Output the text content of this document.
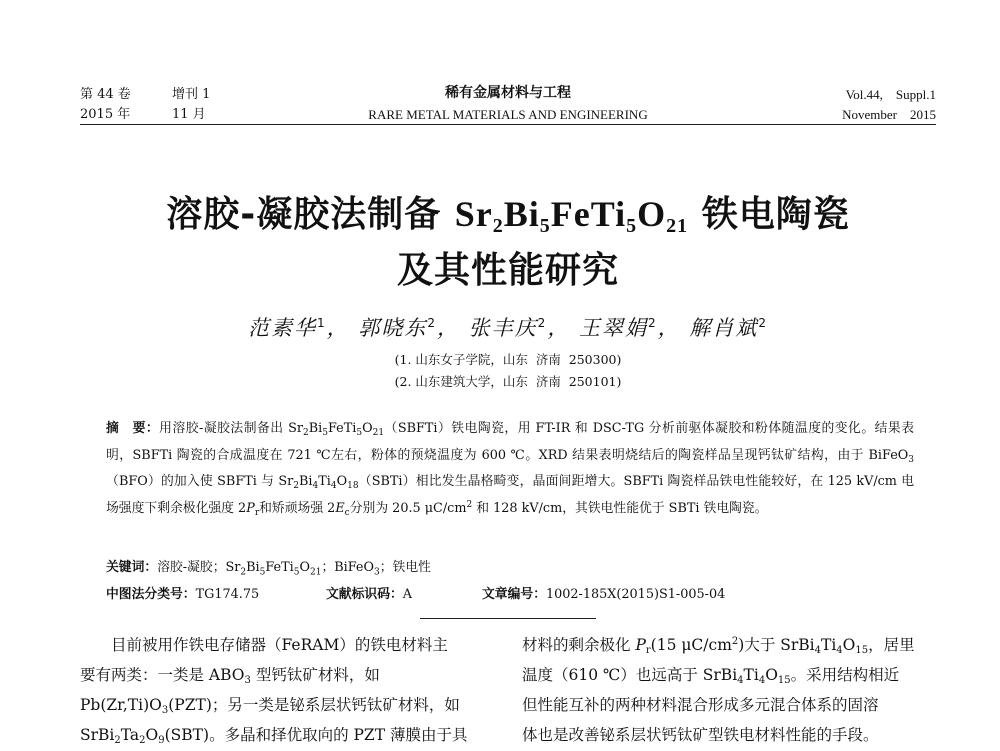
第 44 卷
2015 年
增刊 1
11 月
稀有金属材料与工程
RARE METAL MATERIALS AND ENGINEERING
Vol.44,    Suppl.1
November    2015
溶胶-凝胶法制备 $Sr_2Bi_5FeTi_5O_{21}$ 铁电陶瓷
及其性能研究
范素华$^1$， 郭晓东$^2$， 张丰庆$^2$， 王翠娟$^2$， 解肖斌$^2$
(1. 山东女子学院，山东  济南  250300)
(2. 山东建筑大学，山东  济南  250101)
摘　要：用溶胶-凝胶法制备出 $Sr_2Bi_5FeTi_5O_{21}(SBFTi)$铁电陶瓷，用 FT-IR 和 DSC-TG 分析前驱体凝胶和粉体随温度的变化。结果表明，SBFTi 陶瓷的合成温度在 721 ℃左右，粉体的预烧温度为 600 ℃。XRD 结果表明烧结后的陶瓷样品呈现钙钛矿结构，由于 BiFeO$_3$（BFO）的加入使 SBFTi 与 $Sr_2Bi_4Ti_4O_{18}(SBTi)$相比发生晶格畸变，晶面间距增大。SBFTi 陶瓷样品铁电性能较好，在 125 kV/cm 电场强度下剩余极化强度 $2P_r$和矫顽场强 $2E_c$分别为 20.5 $\mu C/cm^2$ 和 128 kV/cm，其铁电性能优于 SBTi 铁电陶瓷。
关键词：溶胶-凝胶；$Sr_2Bi_5FeTi_5O_{21}$；BiFeO$_3$；铁电性
中图法分类号：TG174.75	文献标识码：A	文章编号：1002-185X(2015)S1-005-04

目前被用作铁电存储器（FeRAM）的铁电材料主

要有两类：一类是 $ABO_3$ 型钙钛矿材料，如

$Pb(Zr,Ti)O_3(PZT)$；另一类是铋系层状钙钛矿材料，如

$SrBi_2Ta_2O_9(SBT)$。多晶和择优取向的 PZT 薄膜由于具

材料的剩余极化 $P_r(15$ $\mu C/cm^2$)大于 $SrBi_4Ti_4O_{15}$，居里

温度（610 ℃）也远高于 $SrBi_4Ti_4O_{15}$。采用结构相近

但性能互补的两种材料混合形成多元混合体系的固溶

体也是改善铋系层状钙钛矿型铁电材料性能的手段。
